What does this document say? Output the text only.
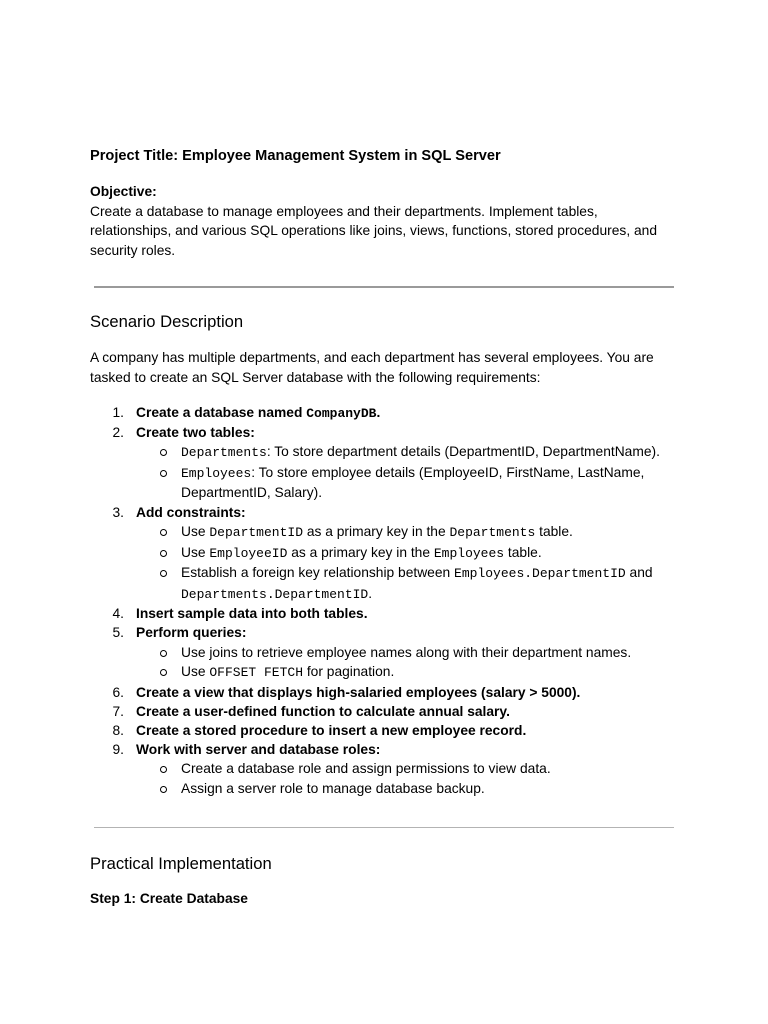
Project Title: Employee Management System in SQL Server
Objective:
Create a database to manage employees and their departments. Implement tables, relationships, and various SQL operations like joins, views, functions, stored procedures, and security roles.
Scenario Description
A company has multiple departments, and each department has several employees. You are tasked to create an SQL Server database with the following requirements:
1. Create a database named CompanyDB.
2. Create two tables:
Departments: To store department details (DepartmentID, DepartmentName).
Employees: To store employee details (EmployeeID, FirstName, LastName, DepartmentID, Salary).
3. Add constraints:
Use DepartmentID as a primary key in the Departments table.
Use EmployeeID as a primary key in the Employees table.
Establish a foreign key relationship between Employees.DepartmentID and Departments.DepartmentID.
4. Insert sample data into both tables.
5. Perform queries:
Use joins to retrieve employee names along with their department names.
Use OFFSET FETCH for pagination.
6. Create a view that displays high-salaried employees (salary > 5000).
7. Create a user-defined function to calculate annual salary.
8. Create a stored procedure to insert a new employee record.
9. Work with server and database roles:
Create a database role and assign permissions to view data.
Assign a server role to manage database backup.
Practical Implementation
Step 1: Create Database
